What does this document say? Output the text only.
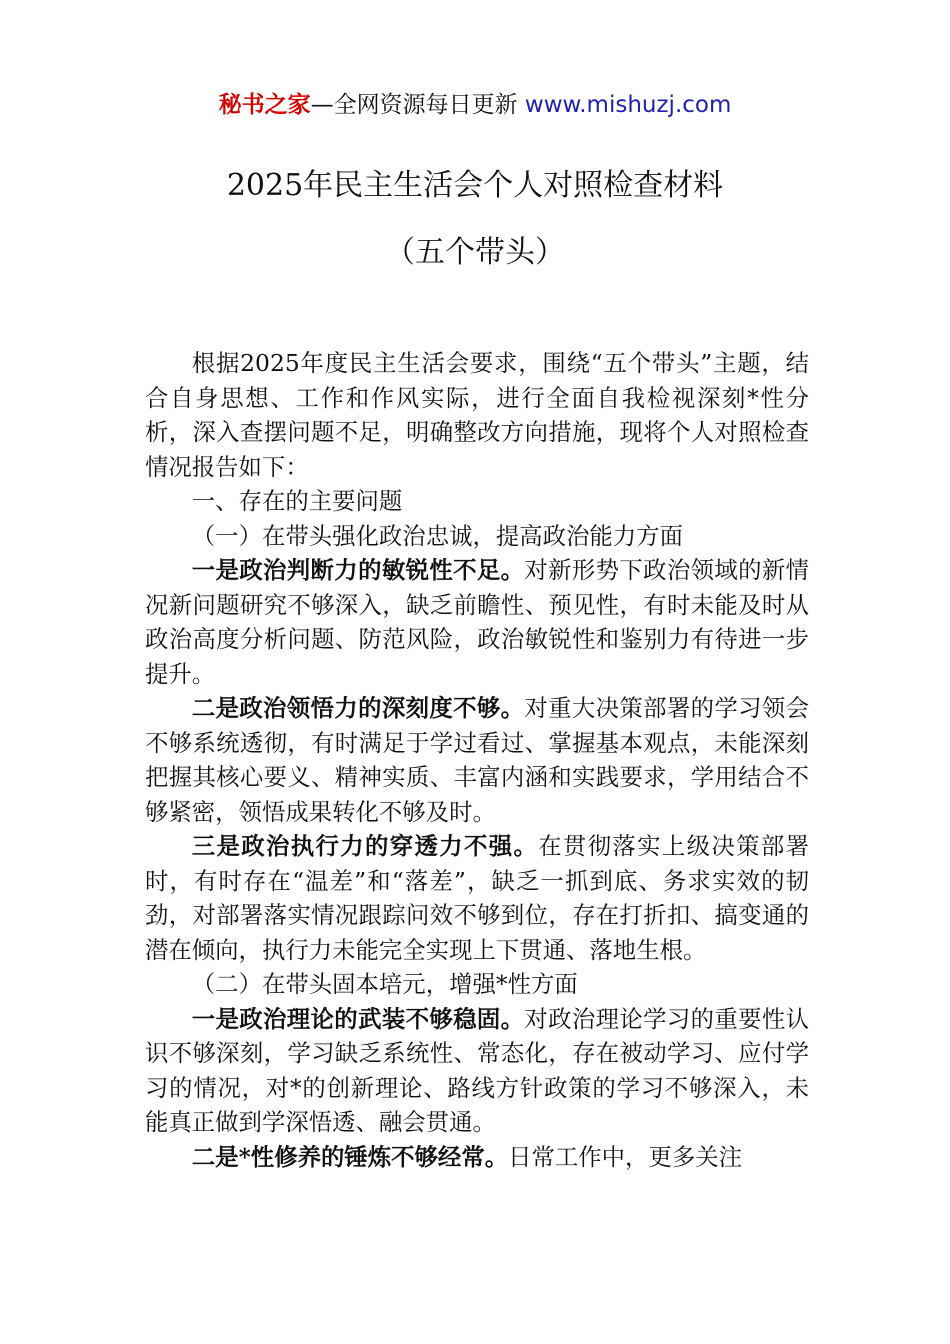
秘书之家—全网资源每日更新 www.mishuzj.com
2025年民主生活会个人对照检查材料
（五个带头）

根据2025年度民主生活会要求，围绕“五个带头”主题，结合自身思想、工作和作风实际，进行全面自我检视深刻*性分析，深入查摆问题不足，明确整改方向措施，现将个人对照检查情况报告如下：

一、存在的主要问题

（一）在带头强化政治忠诚，提高政治能力方面

一是政治判断力的敏锐性不足。对新形势下政治领域的新情况新问题研究不够深入，缺乏前瞻性、预见性，有时未能及时从政治高度分析问题、防范风险，政治敏锐性和鉴别力有待进一步提升。

二是政治领悟力的深刻度不够。对重大决策部署的学习领会不够系统透彻，有时满足于学过看过、掌握基本观点，未能深刻把握其核心要义、精神实质、丰富内涵和实践要求，学用结合不够紧密，领悟成果转化不够及时。

三是政治执行力的穿透力不强。在贯彻落实上级决策部署时，有时存在“温差”和“落差”，缺乏一抓到底、务求实效的韧劲，对部署落实情况跟踪问效不够到位，存在打折扣、搞变通的潜在倾向，执行力未能完全实现上下贯通、落地生根。

（二）在带头固本培元，增强*性方面

一是政治理论的武装不够稳固。对政治理论学习的重要性认识不够深刻，学习缺乏系统性、常态化，存在被动学习、应付学习的情况，对*的创新理论、路线方针政策的学习不够深入，未能真正做到学深悟透、融会贯通。

二是*性修养的锤炼不够经常。日常工作中，更多关注
